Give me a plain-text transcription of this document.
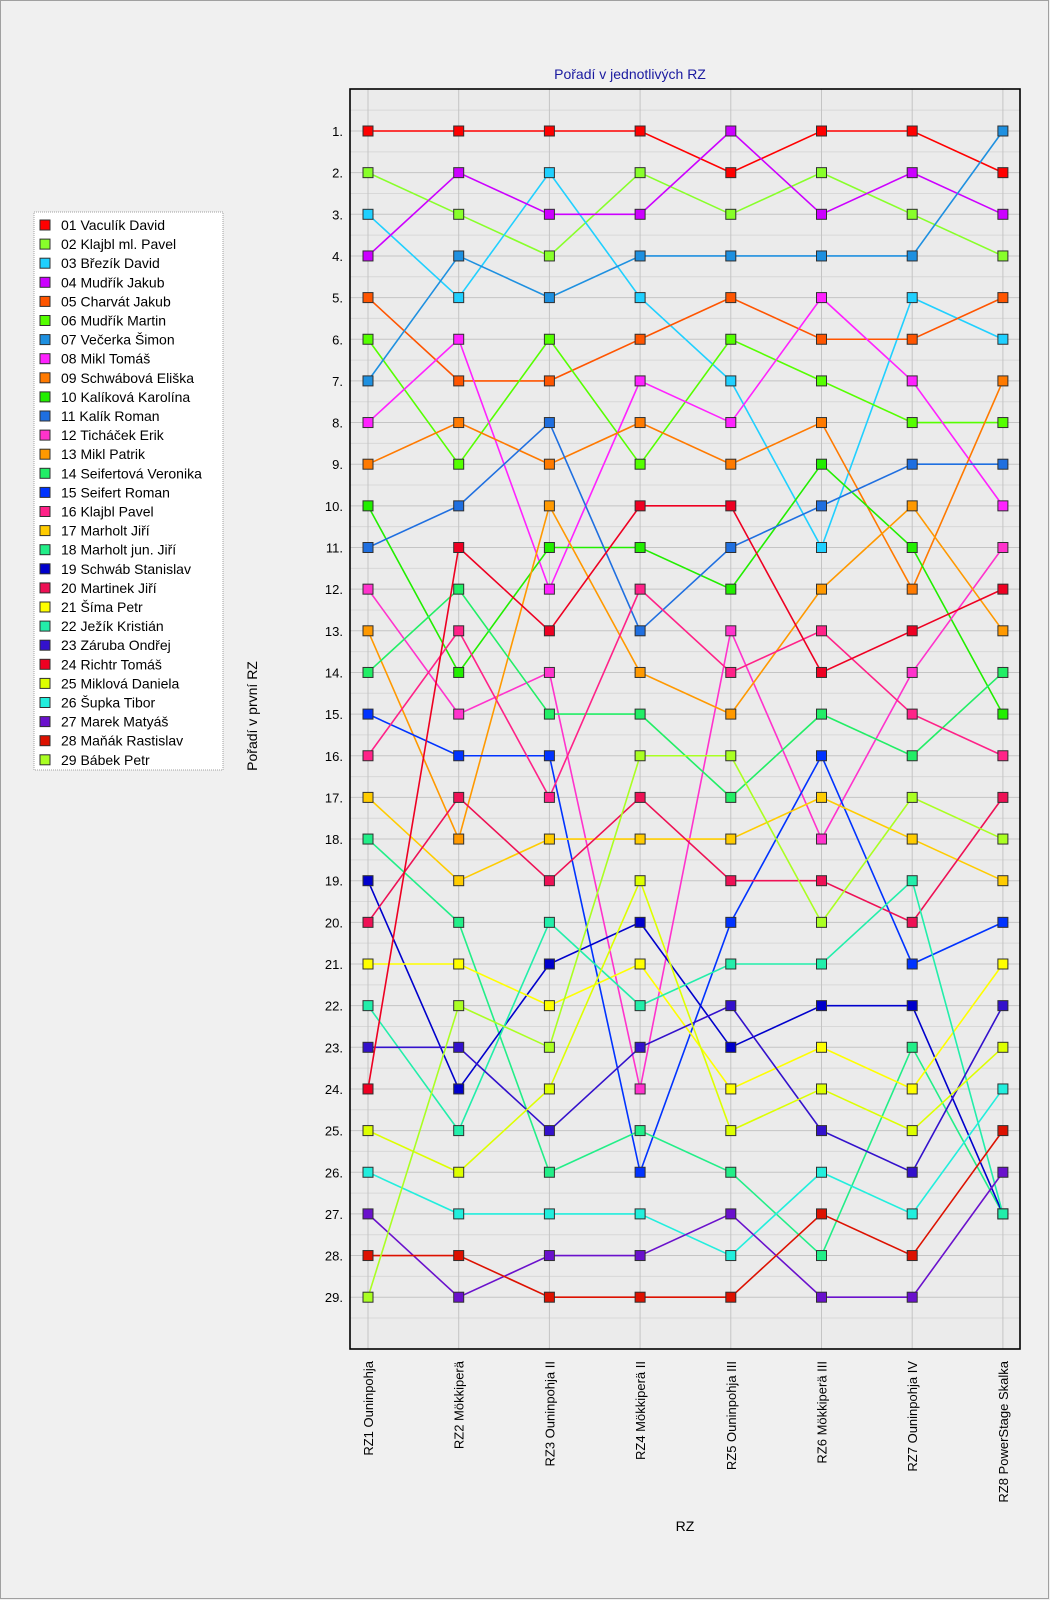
Pořadí v jednotlivých RZ
1.
2.
3.
4.
5.
6.
7.
8.
9.
10.
11.
12.
13.
14.
15.
16.
17.
18.
19.
20.
21.
22.
23.
24.
25.
26.
27.
28.
29.
RZ1 Ouninpohja	RZ2 Mökkiperä	RZ3 Ouninpohja II	RZ4 Mökkiperä II	RZ5 Ouninpohja III	RZ6 Mökkiperä III	RZ7 Ouninpohja IV	RZ8 PowerStage Skalka
Pořadí v první RZ
RZ
01 Vaculík David
02 Klajbl ml. Pavel
03 Březík David
04 Mudřík Jakub
05 Charvát Jakub
06 Mudřík Martin
07 Večerka Šimon
08 Mikl Tomáš
09 Schwábová Eliška
10 Kalíková Karolína
11 Kalík Roman
12 Ticháček Erik
13 Mikl Patrik
14 Seifertová Veronika
15 Seifert Roman
16 Klajbl Pavel
17 Marholt Jiří
18 Marholt jun. Jiří
19 Schwáb Stanislav
20 Martinek Jiří
21 Šíma Petr
22 Ježík Kristián
23 Záruba Ondřej
24 Richtr Tomáš
25 Miklová Daniela
26 Šupka Tibor
27 Marek Matyáš
28 Maňák Rastislav
29 Bábek Petr
